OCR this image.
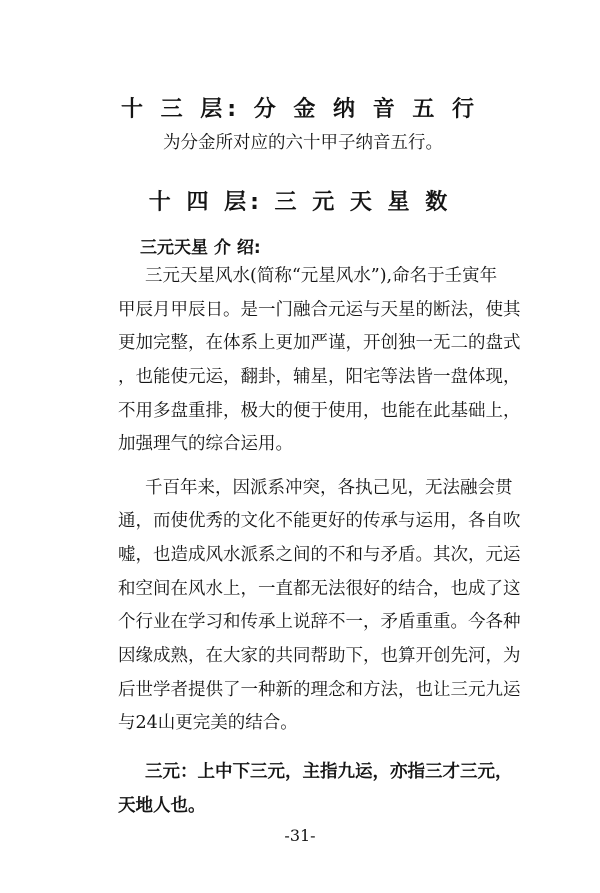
十 三 层: 分 金 纳 音 五 行

为分金所对应的六十甲子纳音五行。

十 四 层: 三 元 天 星 数

三元天星 介 绍:

三元天星风水(简称“元星风水”),命名于壬寅年

甲辰月甲辰日。是一门融合元运与天星的断法，使其

更加完整，在体系上更加严谨，开创独一无二的盘式

，也能使元运，翻卦，辅星，阳宅等法皆一盘体现，

不用多盘重排，极大的便于使用，也能在此基础上，

加强理气的综合运用。

千百年来，因派系冲突，各执己见，无法融会贯

通，而使优秀的文化不能更好的传承与运用，各自吹

嘘，也造成风水派系之间的不和与矛盾。其次，元运

和空间在风水上，一直都无法很好的结合，也成了这

个行业在学习和传承上说辞不一，矛盾重重。今各种

因缘成熟，在大家的共同帮助下，也算开创先河，为

后世学者提供了一种新的理念和方法，也让三元九运

与24山更完美的结合。

三元：上中下三元，主指九运，亦指三才三元，

天地人也。

-31-
